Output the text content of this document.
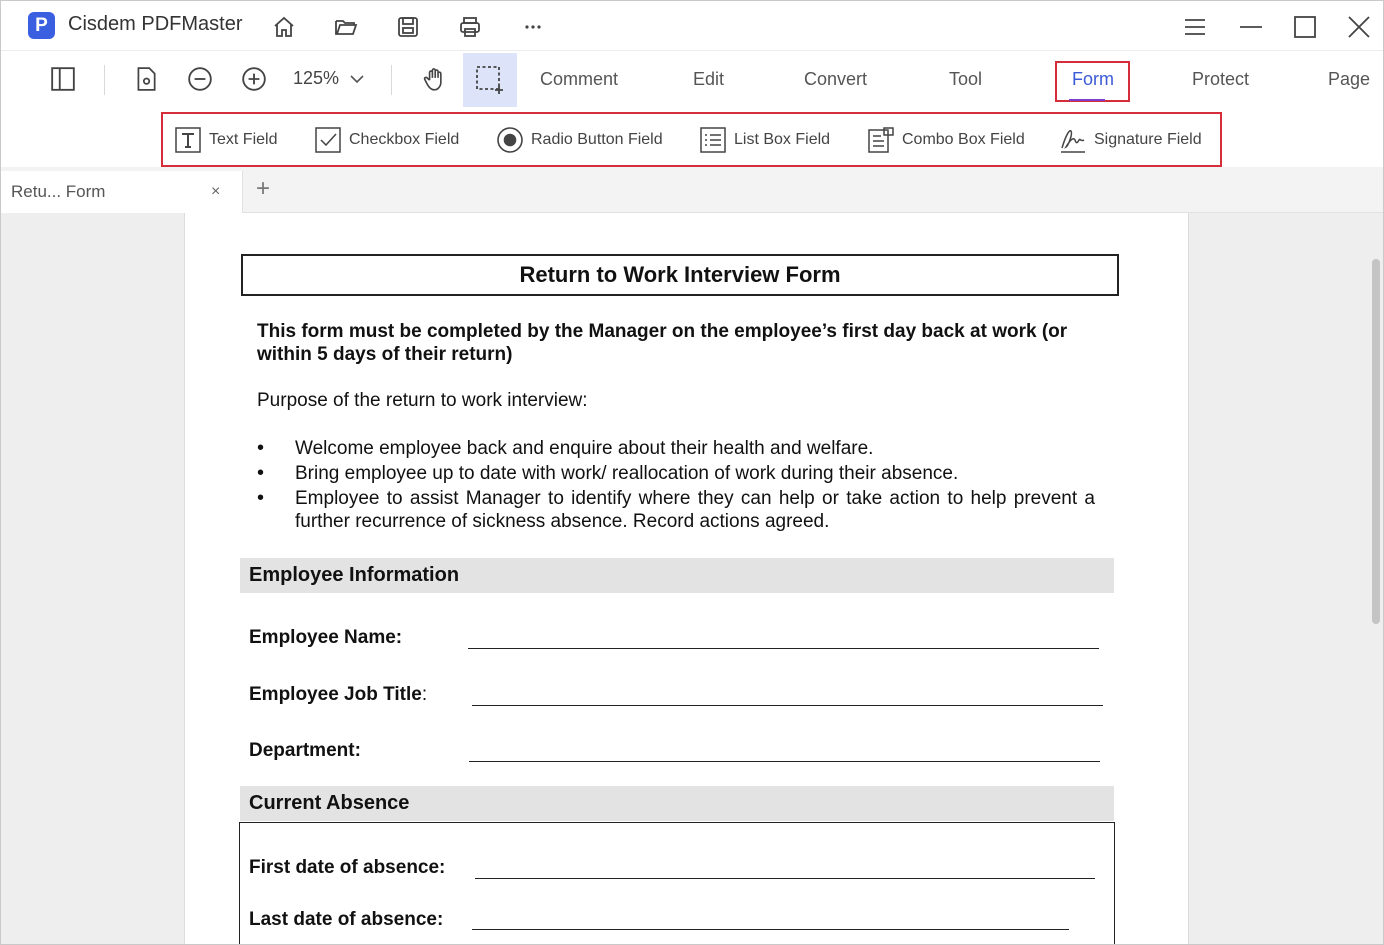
P	Cisdem PDFMaster
125%	Comment	Edit	Convert	Tool	Form	Protect	Page
Text Field	Checkbox Field	Radio Button Field	List Box Field	Combo Box Field	Signature Field
Retu... Form	× +
Return to Work Interview Form
This form must be completed by the Manager on the employee’s first day back at work (or within 5 days of their return)
Purpose of the return to work interview:
• Welcome employee back and enquire about their health and welfare.
• Bring employee up to date with work/ reallocation of work during their absence.
• Employee to assist Manager to identify where they can help or take action to help prevent a further recurrence of sickness absence. Record actions agreed.
Employee Information
Employee Name:
Employee Job Title:
Department:
Current Absence
First date of absence:
Last date of absence:
